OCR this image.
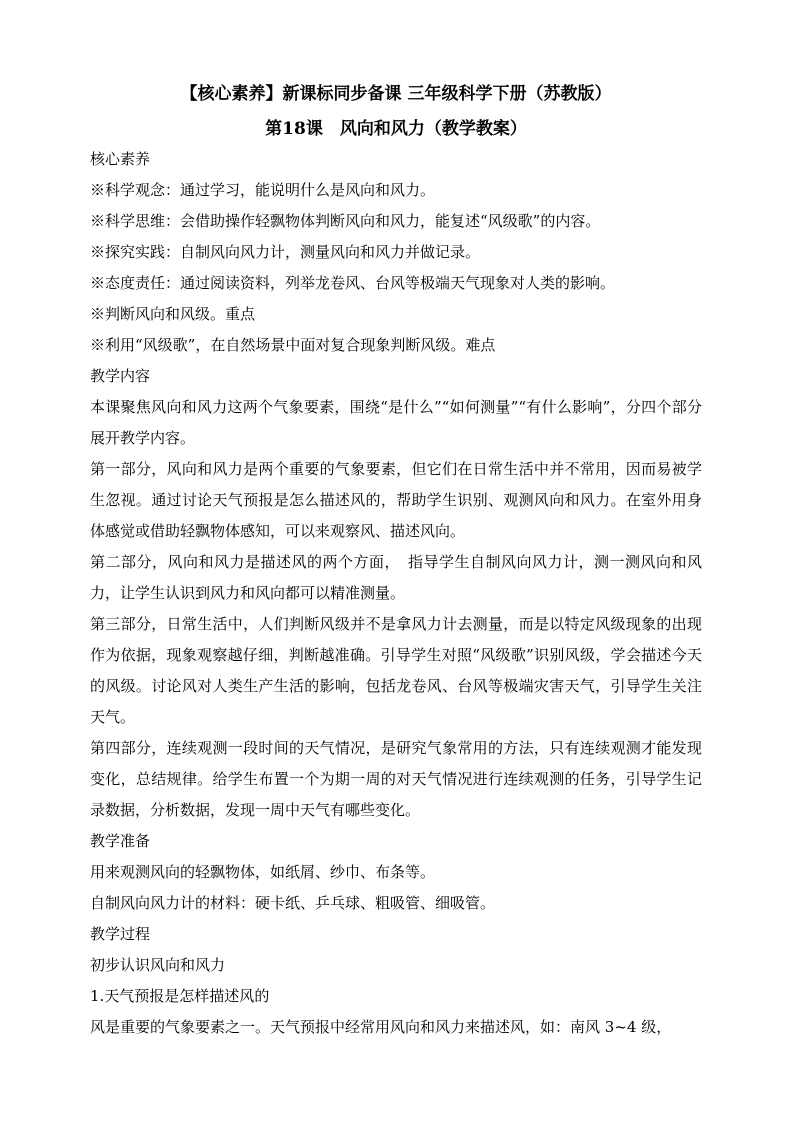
【核心素养】新课标同步备课 三年级科学下册（苏教版）

第18课　风向和风力（教学教案）

核心素养

※科学观念：通过学习，能说明什么是风向和风力。

※科学思维：会借助操作轻飘物体判断风向和风力，能复述“风级歌”的内容。

※探究实践：自制风向风力计，测量风向和风力并做记录。

※态度责任：通过阅读资料，列举龙卷风、台风等极端天气现象对人类的影响。

※判断风向和风级。重点

※利用“风级歌”，在自然场景中面对复合现象判断风级。难点

教学内容

本课聚焦风向和风力这两个气象要素，围绕“是什么”“如何测量”“有什么影响”，分四个部分展开教学内容。

第一部分，风向和风力是两个重要的气象要素，但它们在日常生活中并不常用，因而易被学生忽视。通过讨论天气预报是怎么描述风的，帮助学生识别、观测风向和风力。在室外用身体感觉或借助轻飘物体感知，可以来观察风、描述风向。

第二部分，风向和风力是描述风的两个方面，　指导学生自制风向风力计，测一测风向和风力，让学生认识到风力和风向都可以精准测量。

第三部分，日常生活中，人们判断风级并不是拿风力计去测量，而是以特定风级现象的出现作为依据，现象观察越仔细，判断越准确。引导学生对照“风级歌”识别风级，学会描述今天的风级。讨论风对人类生产生活的影响，包括龙卷风、台风等极端灾害天气，引导学生关注天气。

第四部分，连续观测一段时间的天气情况，是研究气象常用的方法，只有连续观测才能发现变化，总结规律。给学生布置一个为期一周的对天气情况进行连续观测的任务，引导学生记录数据，分析数据，发现一周中天气有哪些变化。

教学准备

用来观测风向的轻飘物体，如纸屑、纱巾、布条等。

自制风向风力计的材料：硬卡纸、乒乓球、粗吸管、细吸管。

教学过程

初步认识风向和风力

1.天气预报是怎样描述风的

风是重要的气象要素之一。天气预报中经常用风向和风力来描述风，如：南风 3~4 级，
